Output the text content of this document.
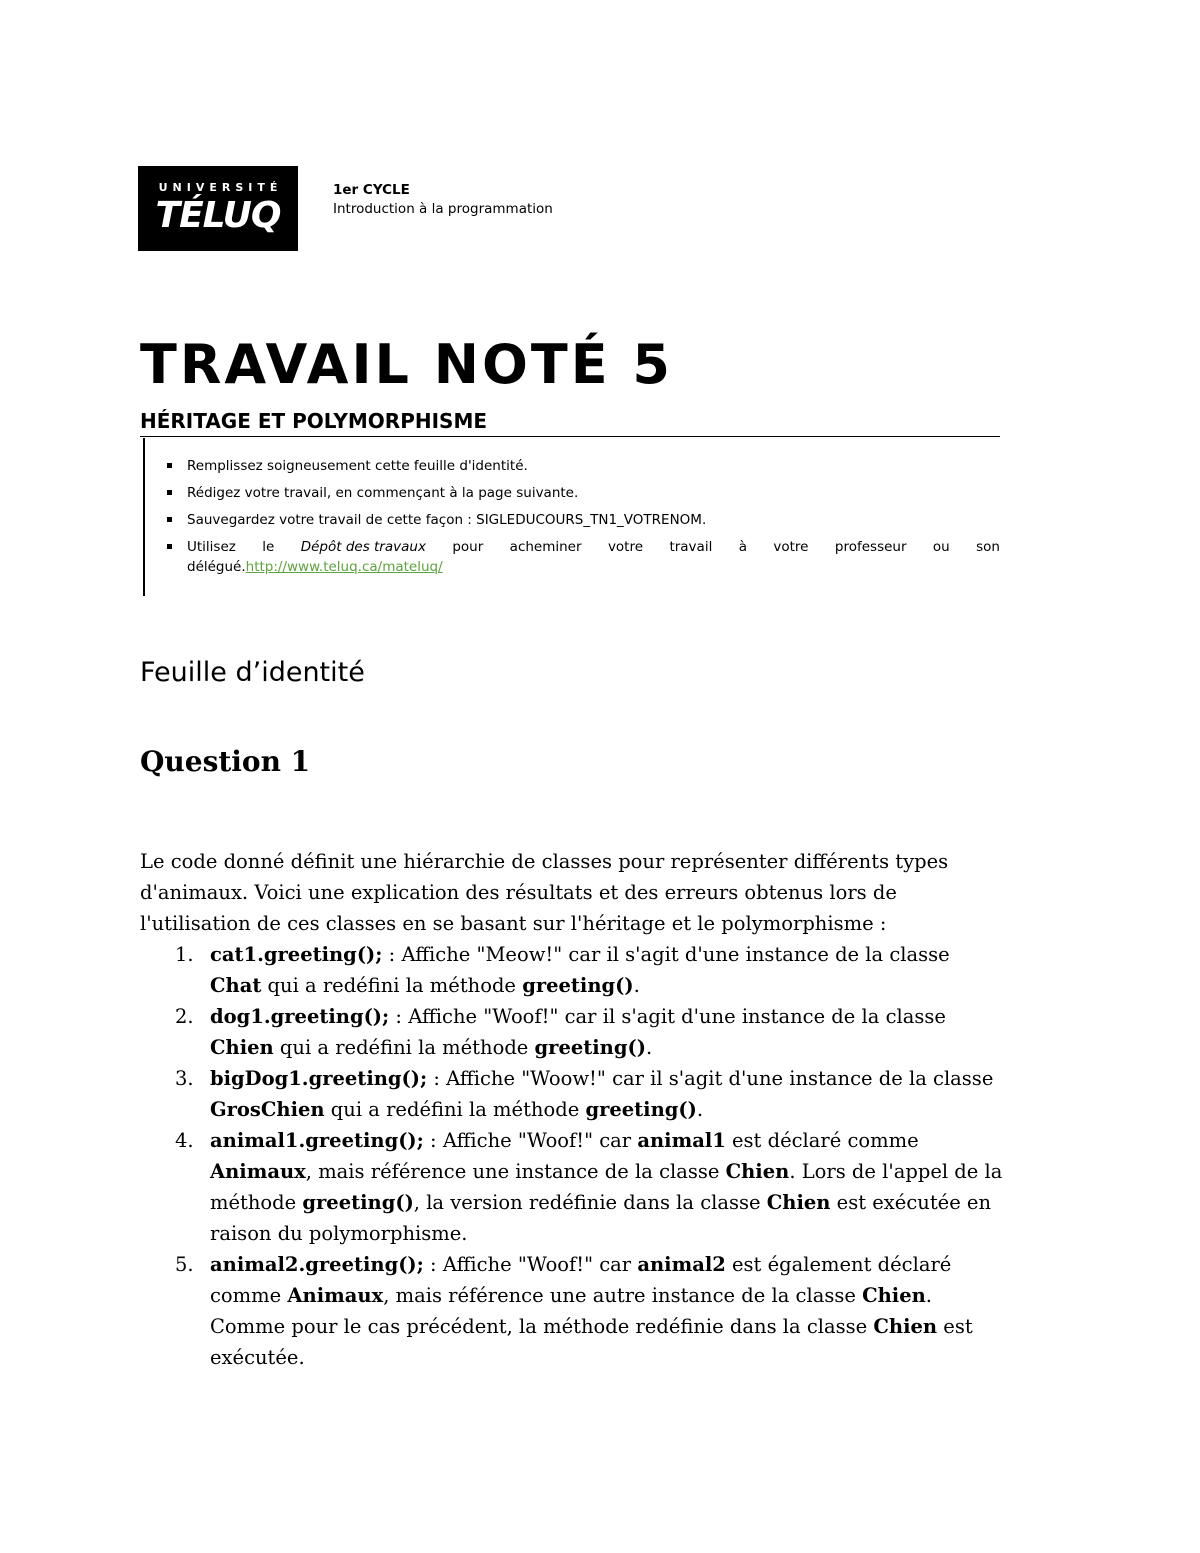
UNIVERSITÉ
TÉLUQ
1er CYCLE
Introduction à la programmation
TRAVAIL NOTÉ 5
HÉRITAGE ET POLYMORPHISME
Remplissez soigneusement cette feuille d'identité.
Rédigez votre travail, en commençant à la page suivante.
Sauvegardez votre travail de cette façon : SIGLEDUCOURS_TN1_VOTRENOM.
Utilisez le Dépôt des travaux pour acheminer votre travail à votre professeur ou son
délégué.http://www.teluq.ca/mateluq/
Feuille d’identité
Question 1

Le code donné définit une hiérarchie de classes pour représenter différents types d'animaux. Voici une explication des résultats et des erreurs obtenus lors de l'utilisation de ces classes en se basant sur l'héritage et le polymorphisme :

1. cat1.greeting(); : Affiche "Meow!" car il s'agit d'une instance de la classe Chat qui a redéfini la méthode greeting().
2. dog1.greeting(); : Affiche "Woof!" car il s'agit d'une instance de la classe Chien qui a redéfini la méthode greeting().
3. bigDog1.greeting(); : Affiche "Woow!" car il s'agit d'une instance de la classe GrosChien qui a redéfini la méthode greeting().
4. animal1.greeting(); : Affiche "Woof!" car animal1 est déclaré comme Animaux, mais référence une instance de la classe Chien. Lors de l'appel de la méthode greeting(), la version redéfinie dans la classe Chien est exécutée en raison du polymorphisme.
5. animal2.greeting(); : Affiche "Woof!" car animal2 est également déclaré comme Animaux, mais référence une autre instance de la classe Chien. Comme pour le cas précédent, la méthode redéfinie dans la classe Chien est exécutée.
